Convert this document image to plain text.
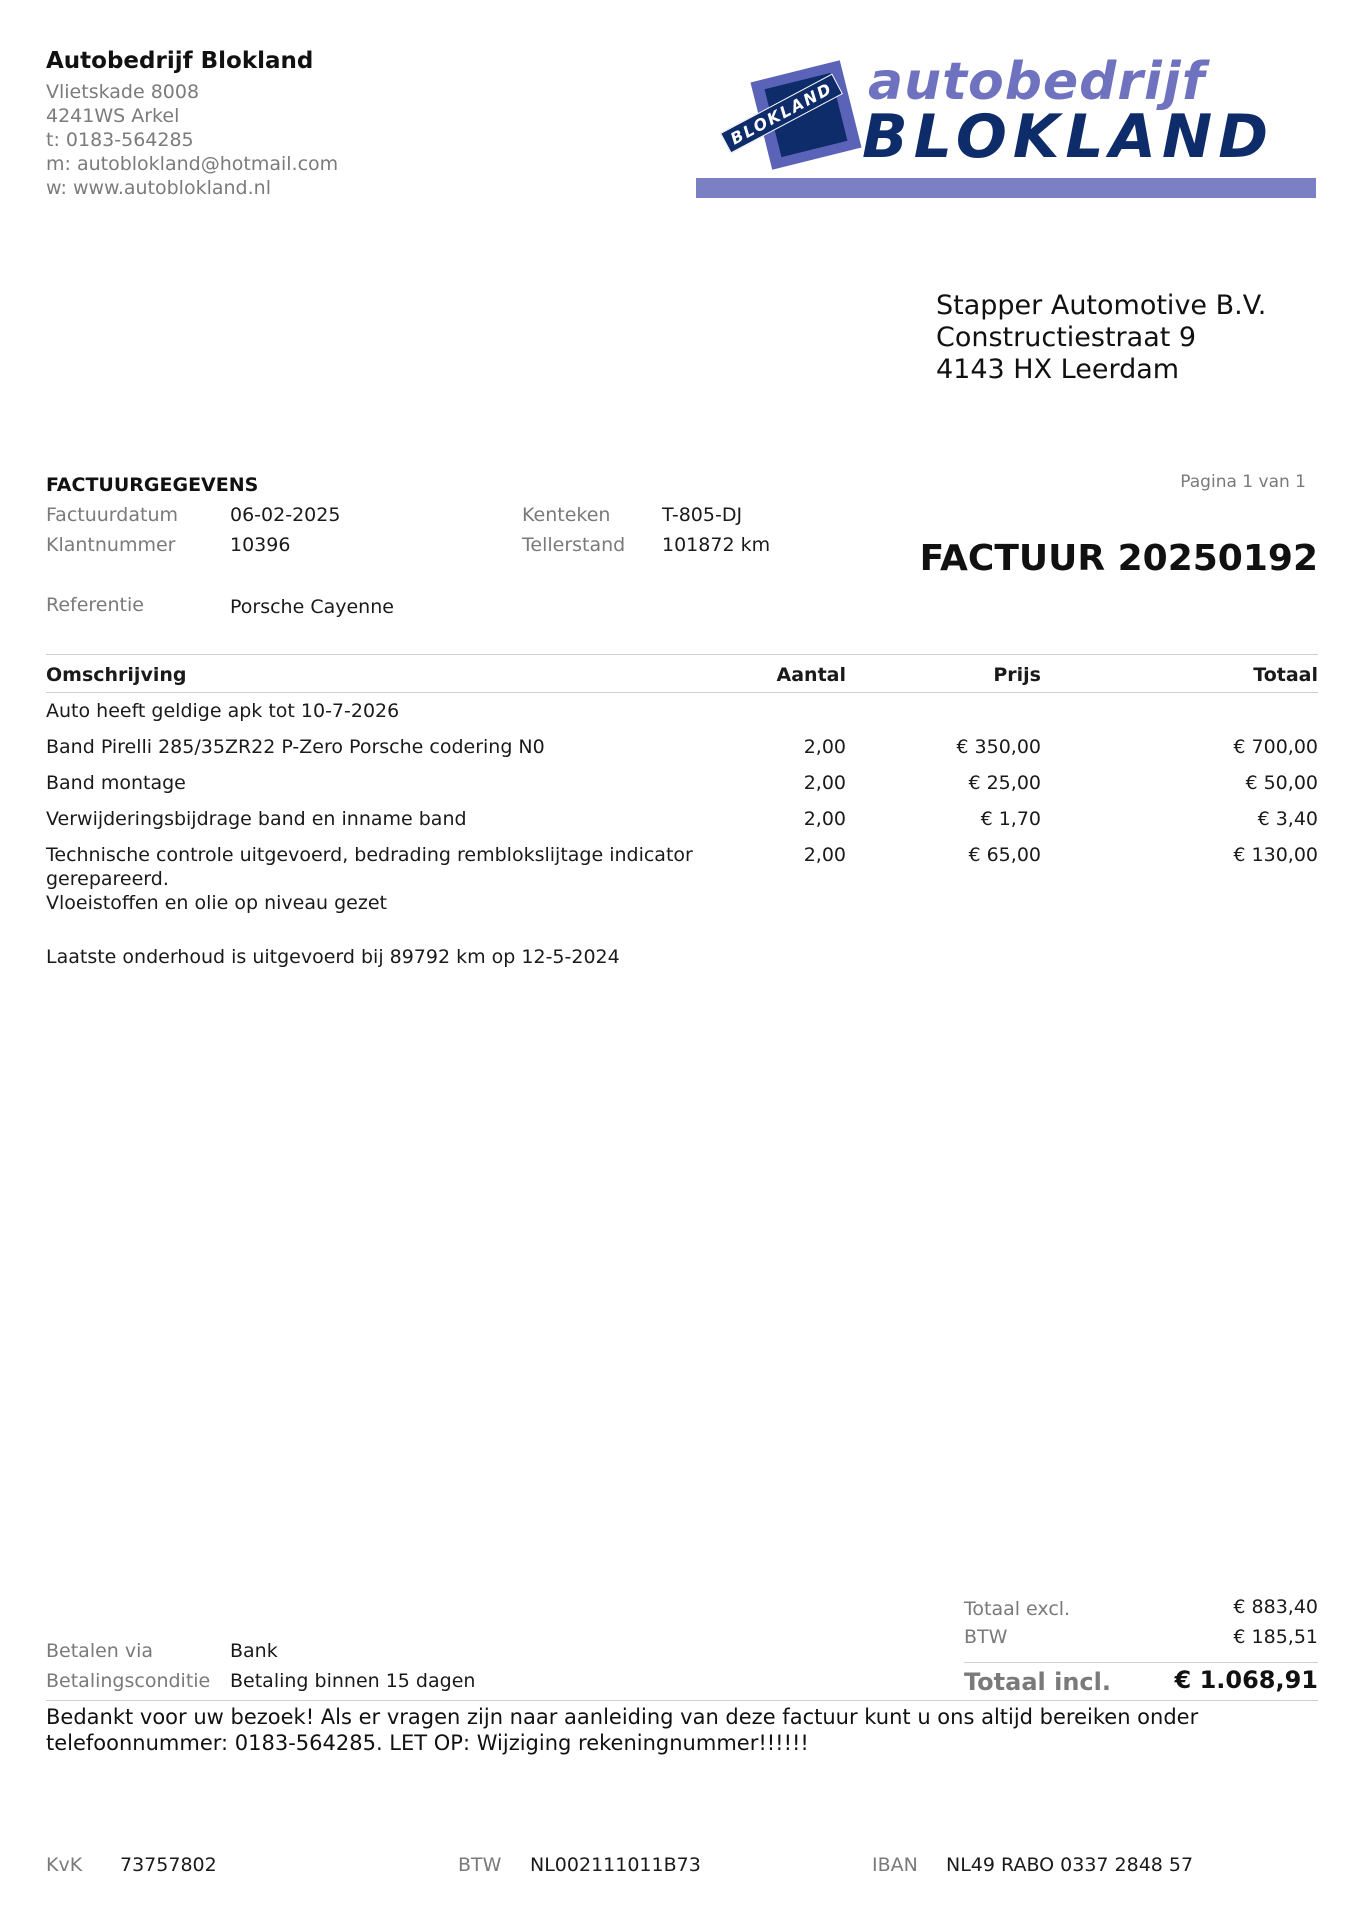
Autobedrijf Blokland
Vlietskade 8008
4241WS Arkel
t: 0183-564285
m: autoblokland@hotmail.com
w: www.autoblokland.nl
BLOKLAND autobedrijf
BLOKLAND
Stapper Automotive B.V.
Constructiestraat 9
4143 HX Leerdam
FACTUURGEGEVENS	Pagina 1 van 1
Factuurdatum	06-02-2025
Klantnummer	10396
Kenteken	T-805-DJ
Tellerstand 101872 km	FACTUUR 20250192
Referentie	Porsche Cayenne
Omschrijving	Aantal	Prijs	Totaal

Auto heeft geldige apk tot 10-7-2026			
Band Pirelli 285/35ZR22 P-Zero Porsche codering N0	2,00	€ 350,00	€ 700,00
Band montage	2,00	€ 25,00	€ 50,00
Verwijderingsbijdrage band en inname band	2,00	€ 1,70	€ 3,40

Technische controle uitgevoerd, bedrading remblokslijtage indicator gerepareerd.
Vloeistoffen en olie op niveau gezet	2,00	€ 65,00	€ 130,00
Laatste onderhoud is uitgevoerd bij 89792 km op 12-5-2024
Betalen via	Bank
Betalingsconditie Betaling binnen 15 dagen
Totaal excl.	€ 883,40
BTW	€ 185,51
Totaal incl.	€ 1.068,91
Bedankt voor uw bezoek! Als er vragen zijn naar aanleiding van deze factuur kunt u ons altijd bereiken onder telefoonnummer: 0183-564285. LET OP: Wijziging rekeningnummer!!!!!!
KvK 73757802	BTW NL002111011B73	IBAN NL49 RABO 0337 2848 57
